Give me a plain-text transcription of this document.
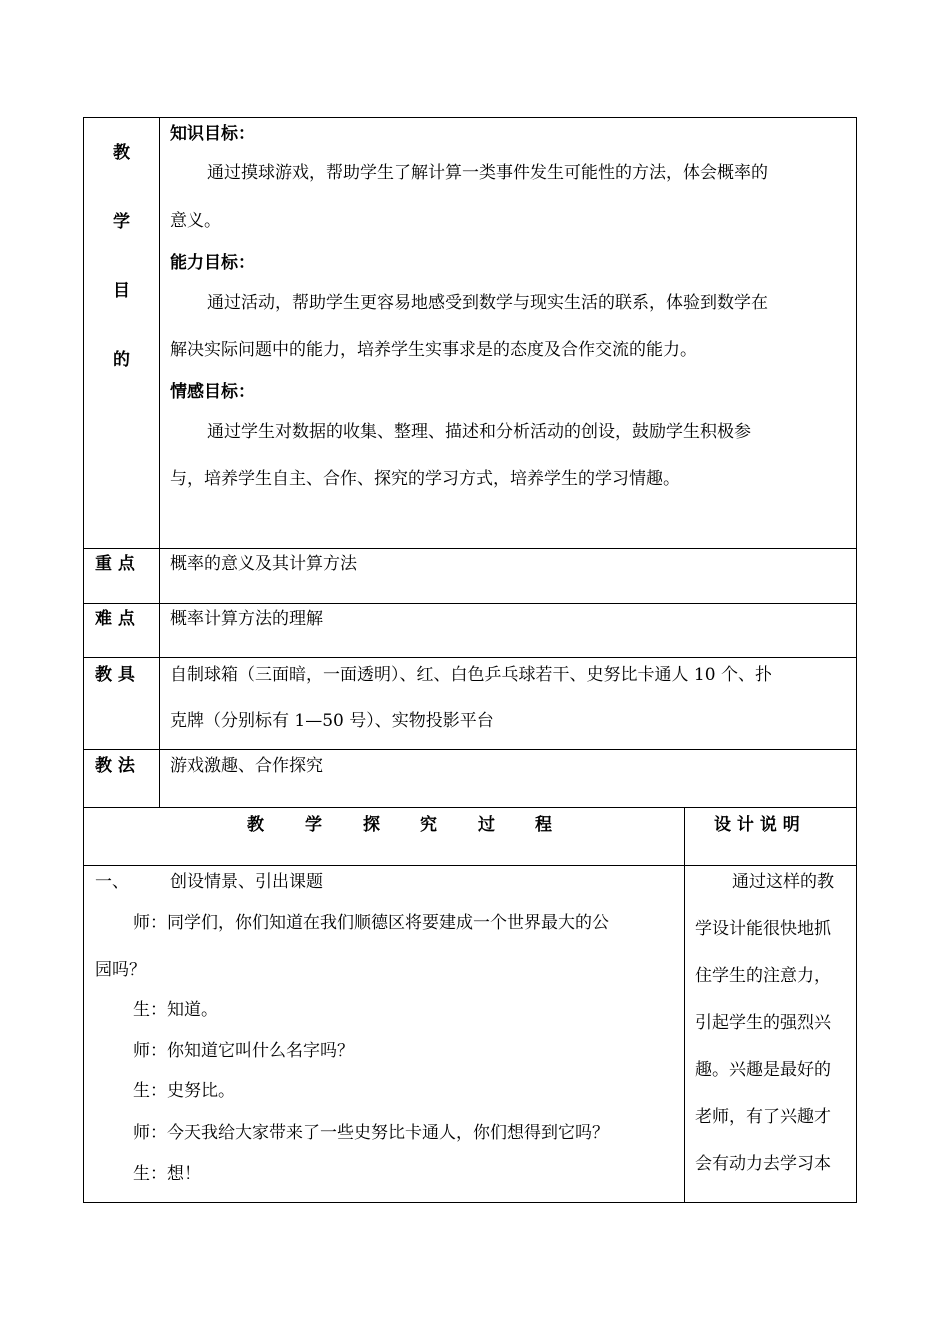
教
学
目
的
知识目标：
通过摸球游戏，帮助学生了解计算一类事件发生可能性的方法，体会概率的
意义。
能力目标：
通过活动，帮助学生更容易地感受到数学与现实生活的联系，体验到数学在
解决实际问题中的能力，培养学生实事求是的态度及合作交流的能力。
情感目标：
通过学生对数据的收集、整理、描述和分析活动的创设，鼓励学生积极参
与，培养学生自主、合作、探究的学习方式，培养学生的学习情趣。
重 点 概率的意义及其计算方法
难 点 概率计算方法的理解
教 具 自制球箱（三面暗，一面透明）、红、白色乒乓球若干、史努比卡通人 10 个、扑
克牌（分别标有 1—50 号）、实物投影平台
教 法 游戏激趣、合作探究
教 学 探 究 过 程	设 计 说 明
一、 创设情景、引出课题
师：同学们，你们知道在我们顺德区将要建成一个世界最大的公
园吗？
生：知道。
师：你知道它叫什么名字吗？
生：史努比。
师：今天我给大家带来了一些史努比卡通人，你们想得到它吗？
生：想！
通过这样的教
学设计能很快地抓
住学生的注意力，
引起学生的强烈兴
趣。兴趣是最好的
老师，有了兴趣才
会有动力去学习本
